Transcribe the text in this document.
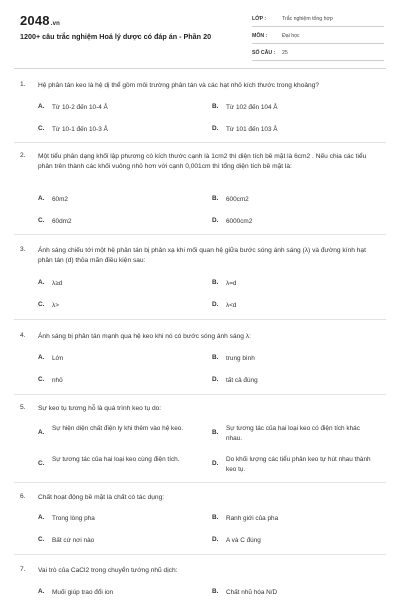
2048.vn
1200+ câu trắc nghiệm Hoá lý dược có đáp án - Phần 20
LỚP :	Trắc nghiệm tổng hợp
MÔN :	Đại học
SỐ CÂU : 25
1. Hệ phân tán keo là hệ dị thể gồm môi trường phân tán và các hạt nhỏ kích thước trong khoảng?
A. Từ 10-2 đến 10-4 Å	B. Từ 102 đến 104 Å
C. Từ 10-1 đến 10-3 Å	D. Từ 101 đến 103 Å
2. Một tiểu phân dạng khối lập phương có kích thước cạnh là 1cm2 thì diện tích bề mặt là 6cm2 . Nếu chia các tiểu phân trên thành các khối vuông nhỏ hơn với cạnh 0,001cm thì tổng diện tích bề mặt là:
A. 60m2	B. 600cm2
C. 60dm2	D. 6000cm2
3. Ánh sáng chiếu tới một hệ phân tán bị phản xạ khi mối quan hệ giữa bước sóng ánh sáng (λ) và đường kính hạt phân tán (d) thỏa mãn điều kiện sau:
A. λ≥d	B. λ=d
C. λ>	D. λ<d
4. Ánh sáng bị phân tán mạnh qua hệ keo khi nó có bước sóng ánh sáng λ:
A. Lớn	B. trung bình
C. nhỏ	D. tất cả đúng
5. Sự keo tụ tương hỗ là quá trình keo tụ do:
A.
Sự hiện diện chất điện ly khi thêm vào hệ keo.
B.
Sự tương tác của hai loại keo có điện tích khác nhau.
C.
Sự tương tác của hai loại keo cùng điện tích.
D.
Do khối lượng các tiểu phân keo tự hút nhau thành keo tụ.
6. Chất hoạt động bề mặt là chất có tác dụng:
A. Trong lòng pha	B. Ranh giới của pha
C. Bất cứ nơi nào	D. A và C đúng
7. Vai trò của CaCl2 trong chuyển tướng nhũ dịch:
A. Muối giúp trao đổi ion	B. Chất nhũ hóa N/D
